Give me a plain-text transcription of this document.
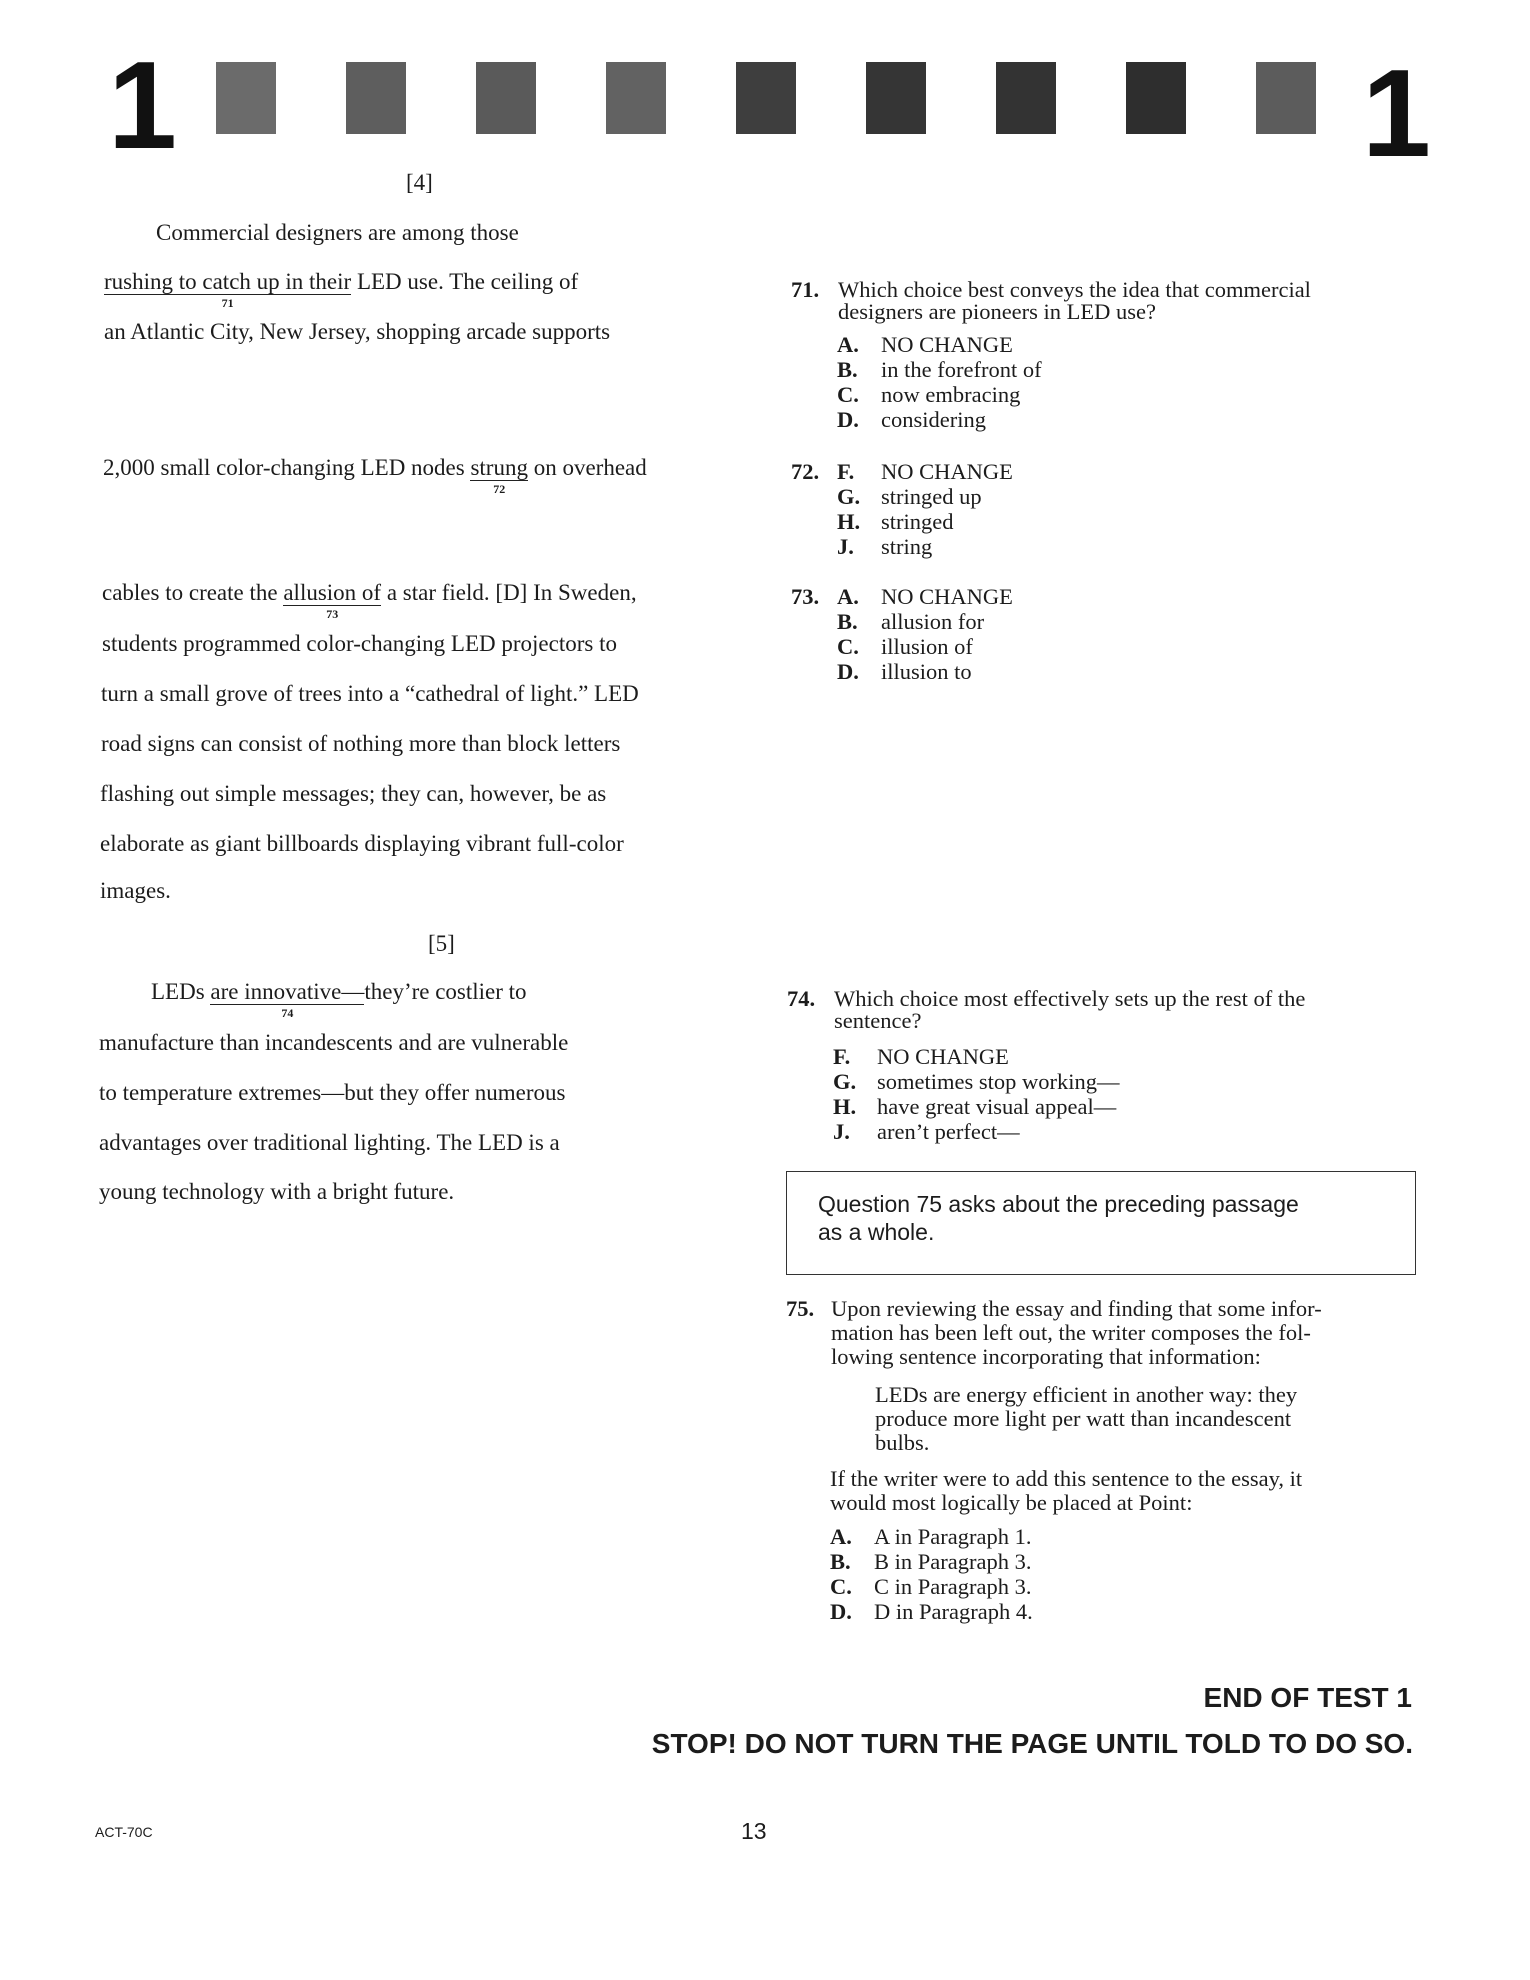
1	1
[4]
Commercial designers are among those
rushing to catch up in their
71
LED use. The ceiling of
an Atlantic City, New Jersey, shopping arcade supports
2,000 small color-changing LED nodes strung
72
on overhead
cables to create the allusion of
73
a star field. [D] In Sweden,
students programmed color-changing LED projectors to
turn a small grove of trees into a “cathedral of light.” LED
road signs can consist of nothing more than block letters
flashing out simple messages; they can, however, be as
elaborate as giant billboards displaying vibrant full-color
images.
[5]
LEDs are innovative—
74
they’re costlier to
manufacture than incandescents and are vulnerable
to temperature extremes—but they offer numerous
advantages over traditional lighting. The LED is a
young technology with a bright future.
71. Which choice best conveys the idea that commercial
designers are pioneers in LED use?
A. NO CHANGE
B. in the forefront of
C. now embracing
D. considering
72. F. NO CHANGE
G. stringed up
H. stringed
J. string
73. A. NO CHANGE
B. allusion for
C. illusion of
D. illusion to
74. Which choice most effectively sets up the rest of the
sentence?
F. NO CHANGE
G. sometimes stop working—
H. have great visual appeal—
J. aren’t perfect—
Question 75 asks about the preceding passage
as a whole.
75. Upon reviewing the essay and finding that some infor-
mation has been left out, the writer composes the fol-
lowing sentence incorporating that information:
LEDs are energy efficient in another way: they
produce more light per watt than incandescent
bulbs.
If the writer were to add this sentence to the essay, it
would most logically be placed at Point:
A. A in Paragraph 1.
B. B in Paragraph 3.
C. C in Paragraph 3.
D. D in Paragraph 4.
END OF TEST 1
STOP! DO NOT TURN THE PAGE UNTIL TOLD TO DO SO.
ACT-70C	13
